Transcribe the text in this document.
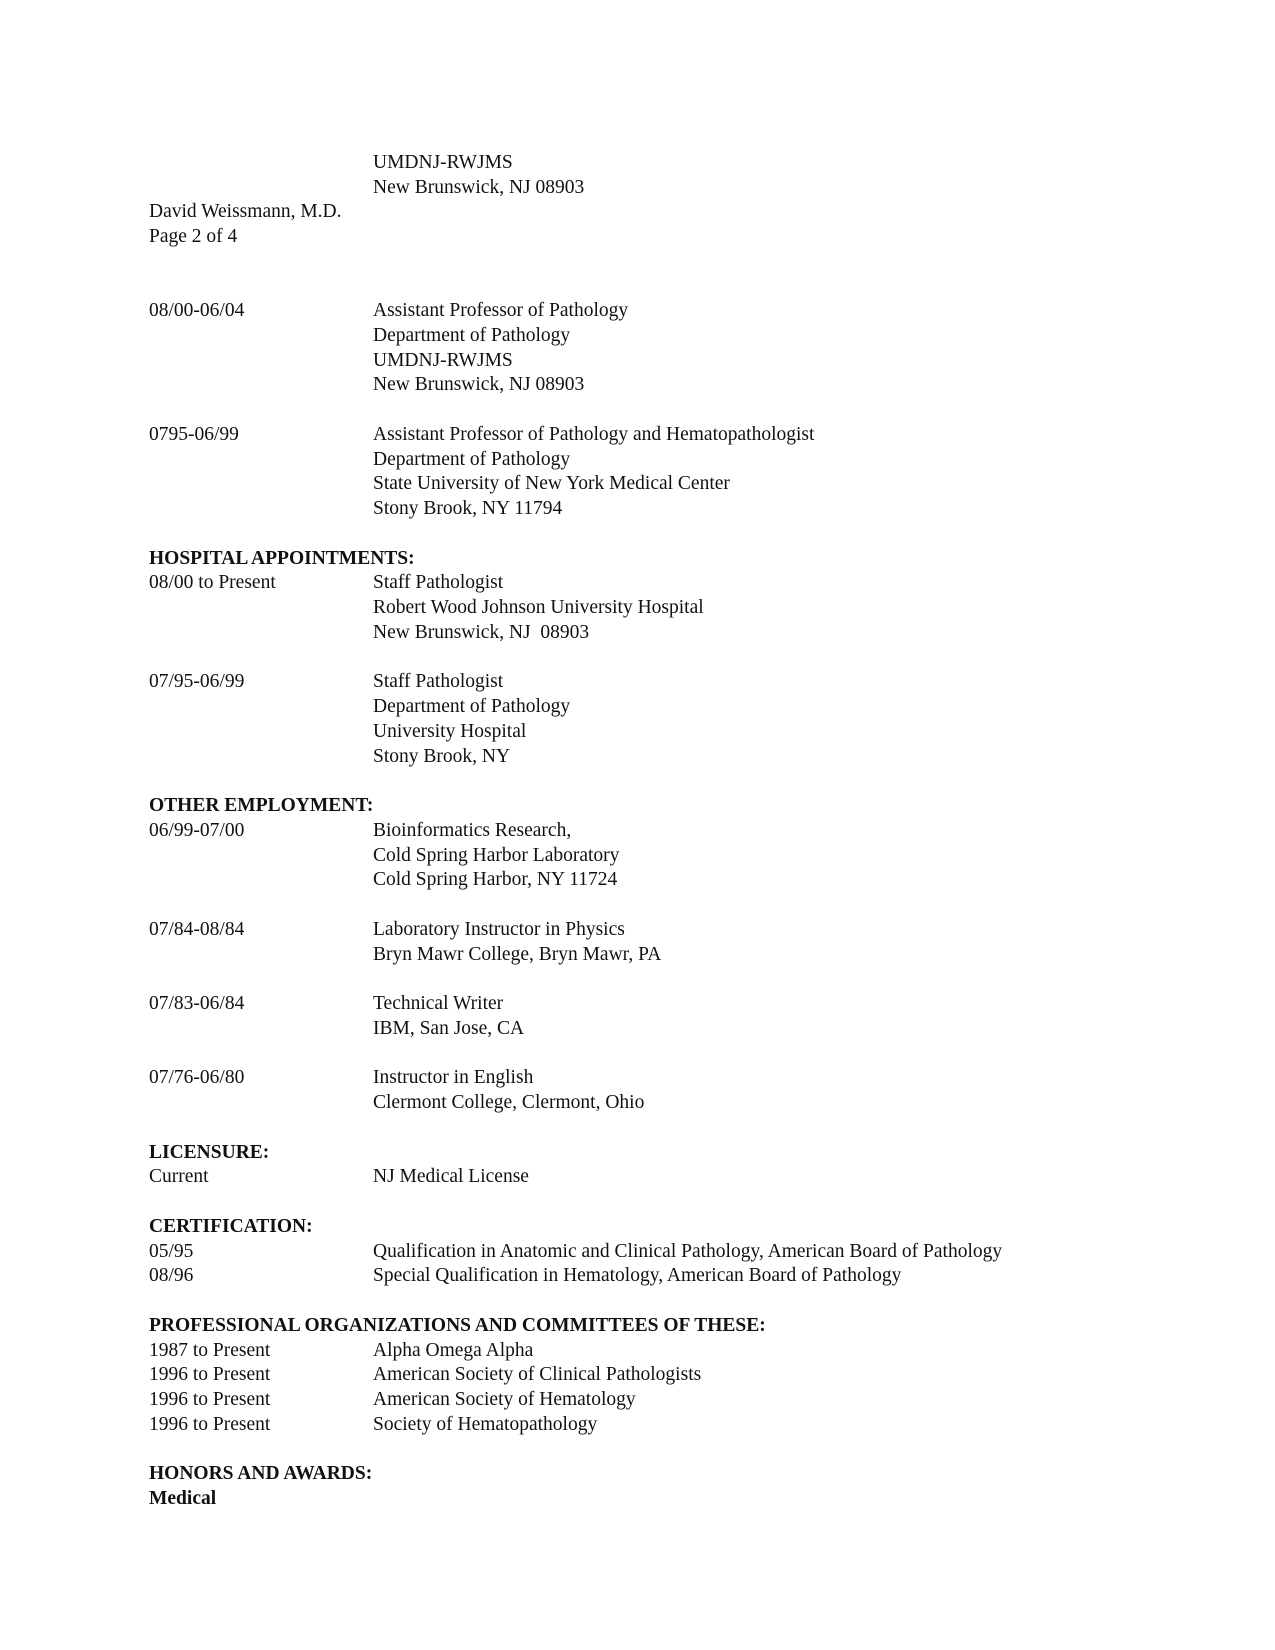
UMDNJ-RWJMS
New Brunswick, NJ 08903
David Weissmann, M.D.
Page 2 of 4
08/00-06/04	Assistant Professor of Pathology
Department of Pathology
UMDNJ-RWJMS
New Brunswick, NJ 08903
0795-06/99	Assistant Professor of Pathology and Hematopathologist
Department of Pathology
State University of New York Medical Center
Stony Brook, NY 11794
HOSPITAL APPOINTMENTS:
08/00 to Present	Staff Pathologist
Robert Wood Johnson University Hospital
New Brunswick, NJ  08903
07/95-06/99	Staff Pathologist
Department of Pathology
University Hospital
Stony Brook, NY
OTHER EMPLOYMENT:
06/99-07/00	Bioinformatics Research,
Cold Spring Harbor Laboratory
Cold Spring Harbor, NY 11724
07/84-08/84	Laboratory Instructor in Physics
Bryn Mawr College, Bryn Mawr, PA
07/83-06/84	Technical Writer
IBM, San Jose, CA
07/76-06/80	Instructor in English
Clermont College, Clermont, Ohio
LICENSURE:
Current	NJ Medical License
CERTIFICATION:
05/95	Qualification in Anatomic and Clinical Pathology, American Board of Pathology
08/96	Special Qualification in Hematology, American Board of Pathology
PROFESSIONAL ORGANIZATIONS AND COMMITTEES OF THESE:
1987 to Present	Alpha Omega Alpha
1996 to Present	American Society of Clinical Pathologists
1996 to Present	American Society of Hematology
1996 to Present	Society of Hematopathology
HONORS AND AWARDS:
Medical
